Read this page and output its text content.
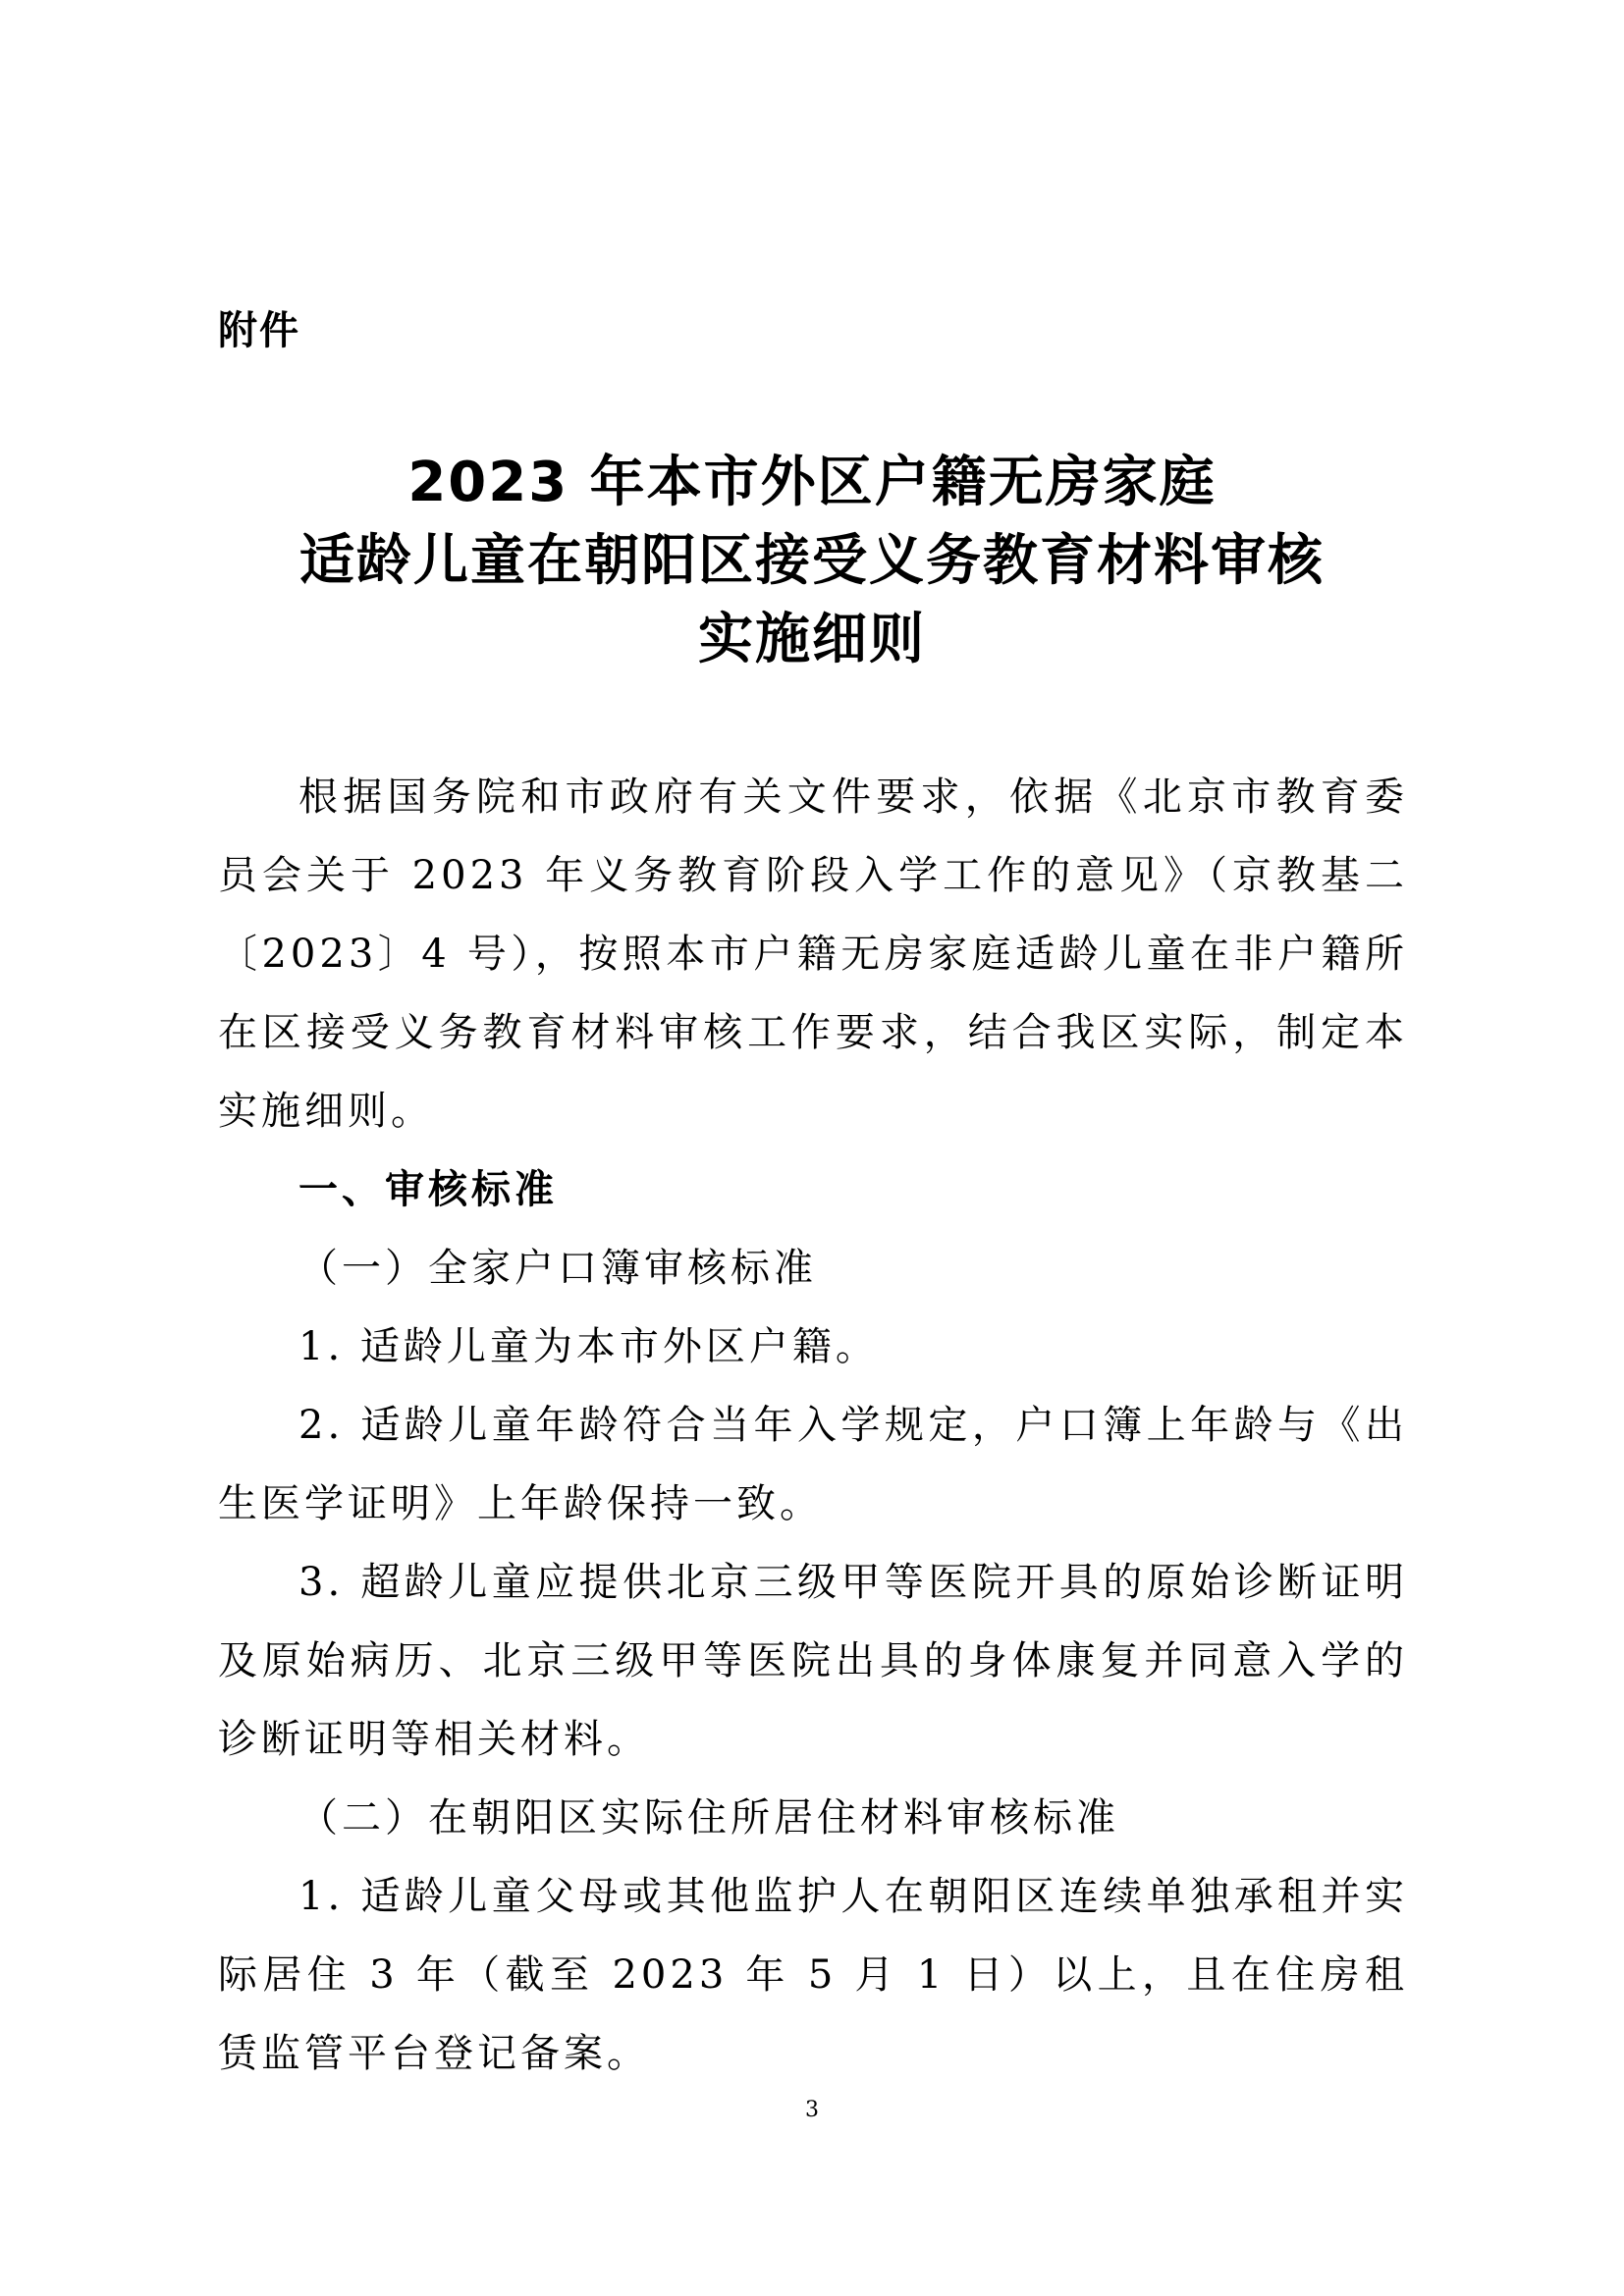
附件
2023 年本市外区户籍无房家庭
适龄儿童在朝阳区接受义务教育材料审核
实施细则

根据国务院和市政府有关文件要求，依据《北京市教育委员会关于 2023 年义务教育阶段入学工作的意见》（京教基二〔2023〕4 号），按照本市户籍无房家庭适龄儿童在非户籍所在区接受义务教育材料审核工作要求，结合我区实际，制定本实施细则。

一、审核标准

（一）全家户口簿审核标准

1. 适龄儿童为本市外区户籍。

2. 适龄儿童年龄符合当年入学规定，户口簿上年龄与《出生医学证明》上年龄保持一致。

3. 超龄儿童应提供北京三级甲等医院开具的原始诊断证明及原始病历、北京三级甲等医院出具的身体康复并同意入学的诊断证明等相关材料。

（二）在朝阳区实际住所居住材料审核标准

1. 适龄儿童父母或其他监护人在朝阳区连续单独承租并实际居住 3 年（截至 2023 年 5 月 1 日）以上，且在住房租赁监管平台登记备案。

3
